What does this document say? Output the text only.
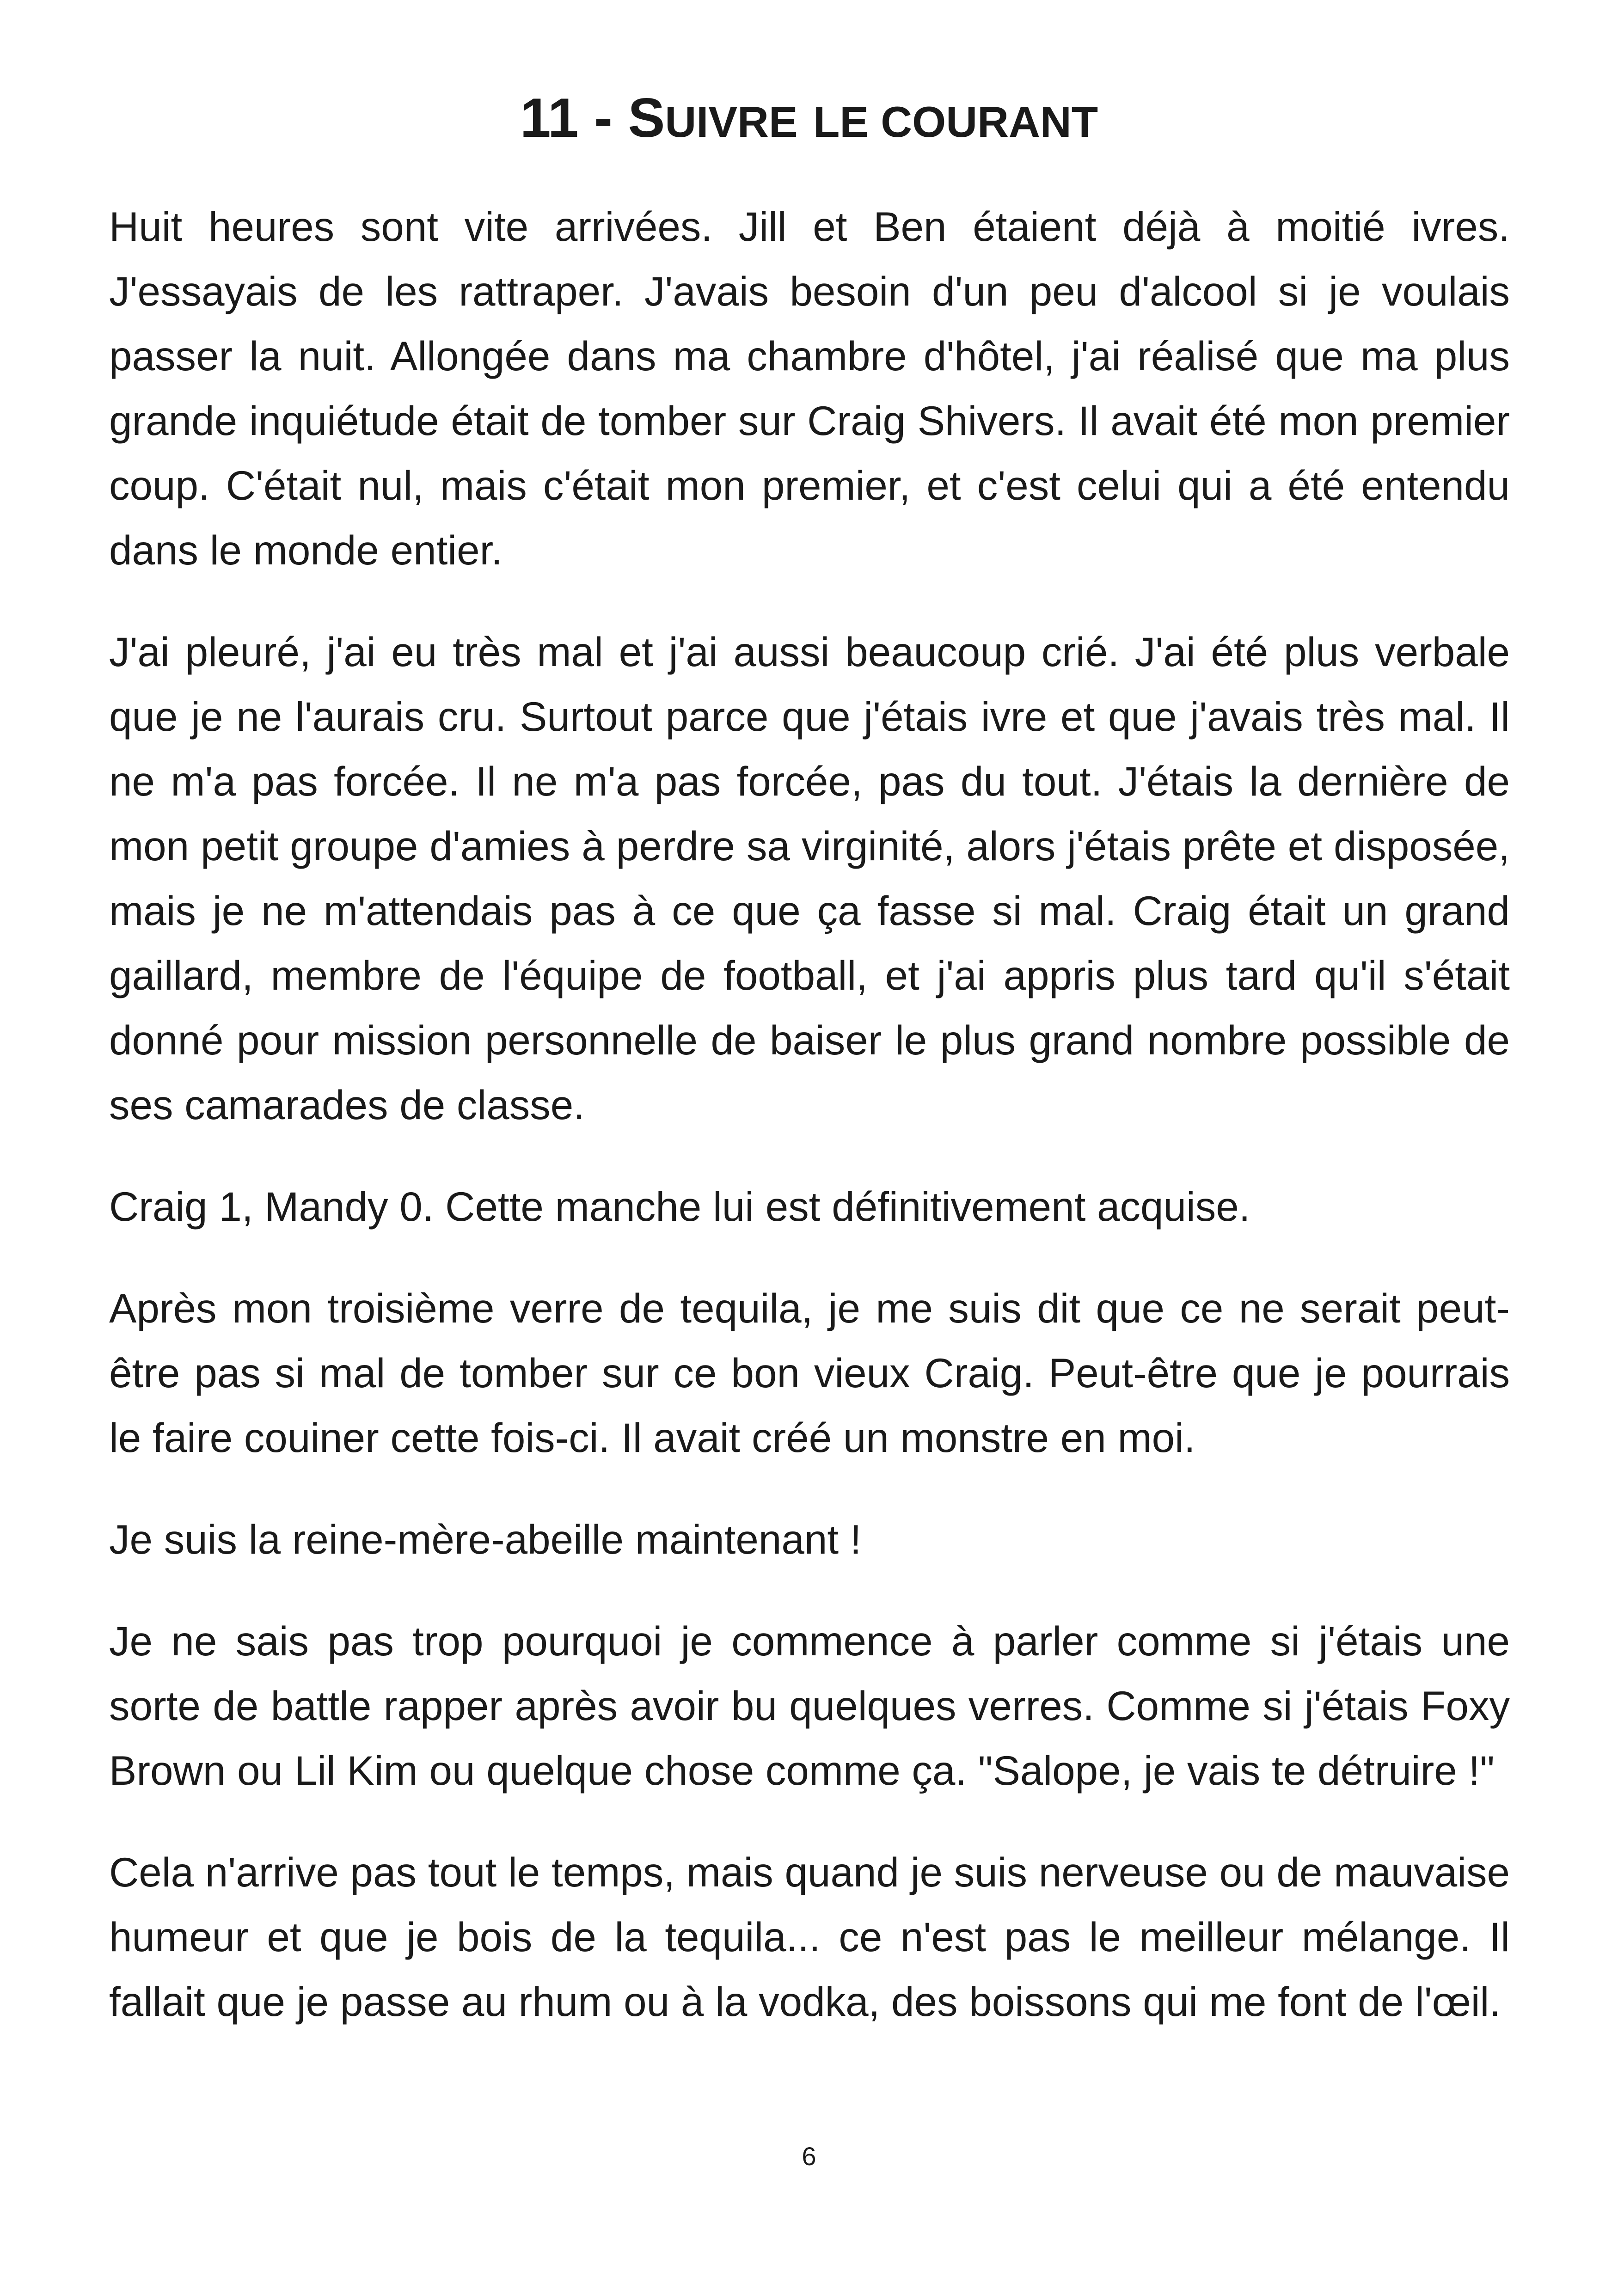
11 - SUIVRE LE COURANT

Huit heures sont vite arrivées. Jill et Ben étaient déjà à moitié ivres. J'essayais de les rattraper. J'avais besoin d'un peu d'alcool si je voulais passer la nuit. Allongée dans ma chambre d'hôtel, j'ai réalisé que ma plus grande inquiétude était de tomber sur Craig Shivers. Il avait été mon premier coup. C'était nul, mais c'était mon premier, et c'est celui qui a été entendu dans le monde entier.

J'ai pleuré, j'ai eu très mal et j'ai aussi beaucoup crié. J'ai été plus verbale que je ne l'aurais cru. Surtout parce que j'étais ivre et que j'avais très mal. Il ne m'a pas forcée. Il ne m'a pas forcée, pas du tout. J'étais la dernière de mon petit groupe d'amies à perdre sa virginité, alors j'étais prête et disposée, mais je ne m'attendais pas à ce que ça fasse si mal. Craig était un grand gaillard, membre de l'équipe de football, et j'ai appris plus tard qu'il s'était donné pour mission personnelle de baiser le plus grand nombre possible de ses camarades de classe.

Craig 1, Mandy 0. Cette manche lui est définitivement acquise.

Après mon troisième verre de tequila, je me suis dit que ce ne serait peut-être pas si mal de tomber sur ce bon vieux Craig. Peut-être que je pourrais le faire couiner cette fois-ci. Il avait créé un monstre en moi.

Je suis la reine-mère-abeille maintenant !

Je ne sais pas trop pourquoi je commence à parler comme si j'étais une sorte de battle rapper après avoir bu quelques verres. Comme si j'étais Foxy Brown ou Lil Kim ou quelque chose comme ça. "Salope, je vais te détruire !"

Cela n'arrive pas tout le temps, mais quand je suis nerveuse ou de mauvaise humeur et que je bois de la tequila... ce n'est pas le meilleur mélange. Il fallait que je passe au rhum ou à la vodka, des boissons qui me font de l'œil.

6
